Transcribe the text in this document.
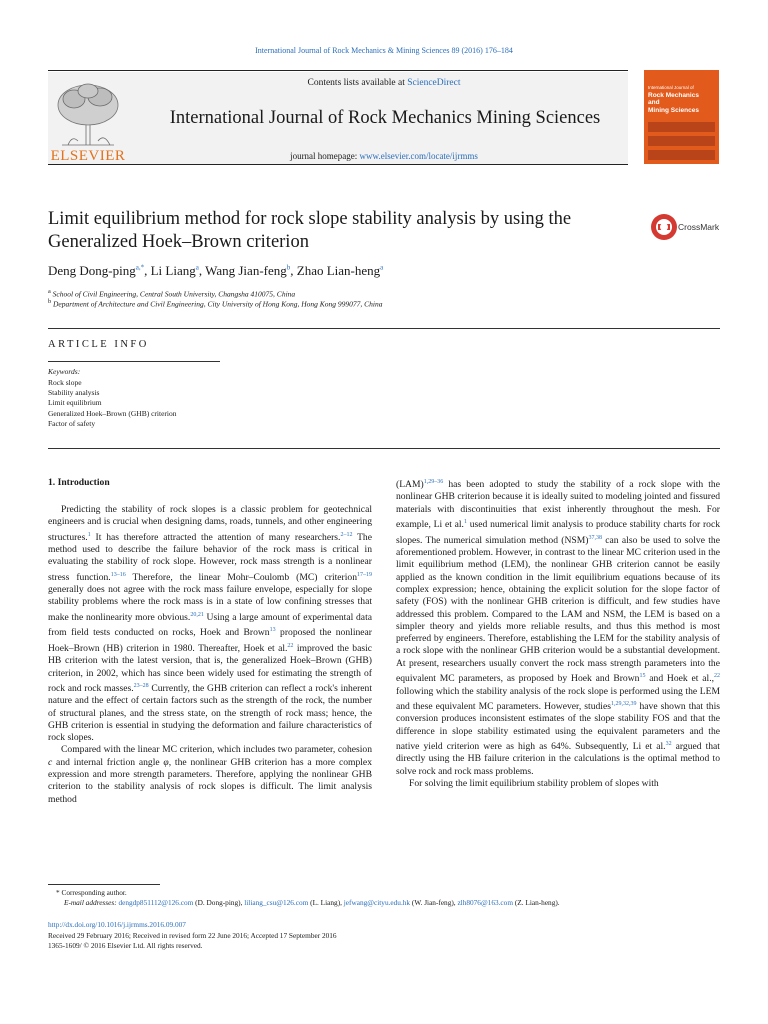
International Journal of Rock Mechanics & Mining Sciences 89 (2016) 176–184
ELSEVIER
Contents lists available at ScienceDirect
International Journal of Rock Mechanics Mining Sciences
journal homepage: www.elsevier.com/locate/ijrmms
International Journal of
Rock Mechanics
and
Mining Sciences
Limit equilibrium method for rock slope stability analysis by using the
Generalized Hoek–Brown criterion
CrossMark
Deng Dong-ping$^{a,*}$, Li Liang$^a$, Wang Jian-feng$^b$, Zhao Lian-heng$^a$
$^a$ School of Civil Engineering, Central South University, Changsha 410075, China
$^b$ Department of Architecture and Civil Engineering, City University of Hong Kong, Hong Kong 999077, China
ARTICLE INFO
Keywords:
Rock slope
Stability analysis
Limit equilibrium
Generalized Hoek–Brown (GHB) criterion
Factor of safety
1. Introduction

Predicting the stability of rock slopes is a classic problem for geotechnical engineers and is crucial when designing dams, roads, tunnels, and other engineering structures.$^1$ It has therefore attracted the attention of many researchers.$^{2-12}$ The method used to describe the failure behavior of the rock mass is critical in evaluating the stability of rock slope. However, rock mass strength is a nonlinear stress function.$^{13-16}$ Therefore, the linear Mohr–Coulomb (MC) criterion$^{17-19}$ generally does not agree with the rock mass failure envelope, especially for slope stability problems where the rock mass is in a state of low confining stresses that make the nonlinearity more obvious.$^{20,21}$ Using a large amount of experimental data from field tests conducted on rocks, Hoek and Brown$^{13}$ proposed the nonlinear Hoek–Brown (HB) criterion in 1980. Thereafter, Hoek et al.$^{22}$ improved the basic HB criterion with the latest version, that is, the generalized Hoek–Brown (GHB) criterion, in 2002, which has since been widely used for estimating the strength of rock and rock masses.$^{23-28}$ Currently, the GHB criterion can reflect a rock's inherent nature and the effect of certain factors such as the strength of the rock, the number of structural planes, and the stress state, on the strength of rock mass; hence, the GHB criterion is essential in studying the deformation and failure characteristics of rock slopes.

Compared with the linear MC criterion, which includes two parameter, cohesion c and internal friction angle φ, the nonlinear GHB criterion has a more complex expression and more strength parameters. Therefore, applying the nonlinear GHB criterion to the stability analysis of rock slopes is difficult. The limit analysis method

(LAM)$^{1,29-36}$ has been adopted to study the stability of a rock slope with the nonlinear GHB criterion because it is ideally suited to modeling jointed and fissured materials with discontinuities that exist inherently throughout the mesh. For example, Li et al.$^1$ used numerical limit analysis to produce stability charts for rock slopes. The numerical simulation method (NSM)$^{37,38}$ can also be used to solve the aforementioned problem. However, in contrast to the linear MC criterion used in the limit equilibrium method (LEM), the nonlinear GHB criterion cannot be easily applied as the known condition in the limit equilibrium equations because of its complex expression; hence, obtaining the explicit solution for the slope factor of safety (FOS) with the nonlinear GHB criterion is difficult, and few studies have addressed this problem. Compared to the LAM and NSM, the LEM is based on a simpler theory and yields more reliable results, and thus this method is most preferred by engineers. Therefore, establishing the LEM for the stability analysis of a rock slope with the nonlinear GHB criterion would be a substantial development. At present, researchers usually convert the rock mass strength parameters into the equivalent MC parameters, as proposed by Hoek and Brown$^{15}$ and Hoek et al.,$^{22}$ following which the stability analysis of the rock slope is performed using the LEM and these equivalent MC parameters. However, studies$^{1,29,32,39}$ have shown that this conversion produces inconsistent estimates of the slope stability FOS and that the difference in slope stability estimated using the equivalent parameters and the native yield criterion were as high as 64%. Subsequently, Li et al.$^{32}$ argued that directly using the HB failure criterion in the calculations is the optimal method to solve rock and rock mass problems.

For solving the limit equilibrium stability problem of slopes with

* Corresponding author.
E-mail addresses: dengdp851112@126.com (D. Dong-ping), liliang_csu@126.com (L. Liang), jefwang@cityu.edu.hk (W. Jian-feng), zlh8076@163.com (Z. Lian-heng).
http://dx.doi.org/10.1016/j.ijrmms.2016.09.007
Received 29 February 2016; Received in revised form 22 June 2016; Accepted 17 September 2016
1365-1609/ © 2016 Elsevier Ltd. All rights reserved.
